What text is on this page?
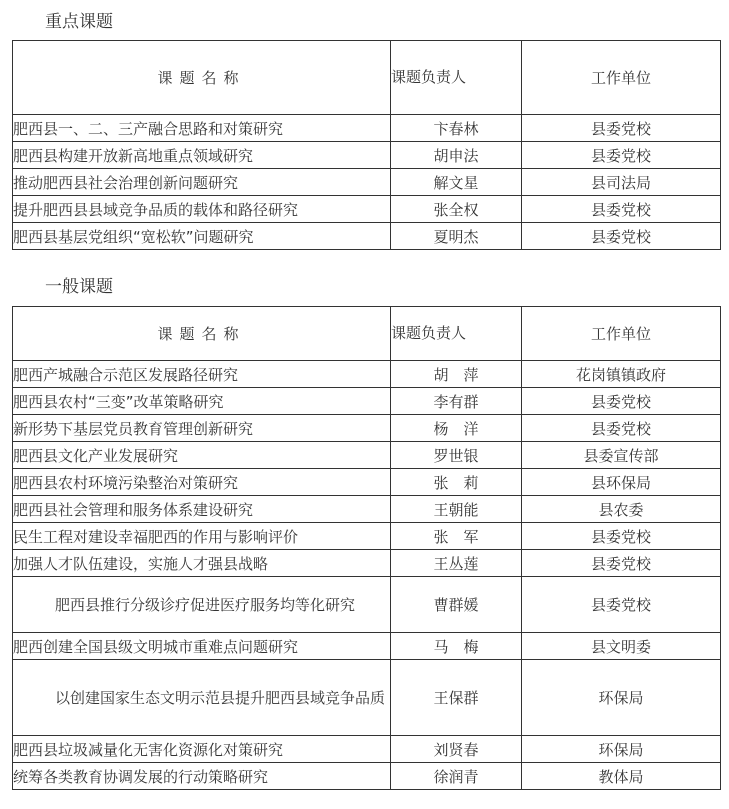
重点课题
课题名称	课题负责人	工作单位
肥西县一、二、三产融合思路和对策研究	卞春林	县委党校
肥西县构建开放新高地重点领域研究	胡申法	县委党校
推动肥西县社会治理创新问题研究	解文星	县司法局
提升肥西县县域竞争品质的载体和路径研究	张全权	县委党校
肥西县基层党组织“宽松软”问题研究	夏明杰	县委党校
一般课题
课题名称	课题负责人	工作单位
肥西产城融合示范区发展路径研究	胡　萍	花岗镇镇政府
肥西县农村“三变”改革策略研究	李有群	县委党校
新形势下基层党员教育管理创新研究	杨　洋	县委党校
肥西县文化产业发展研究	罗世银	县委宣传部
肥西县农村环境污染整治对策研究	张　莉	县环保局
肥西县社会管理和服务体系建设研究	王朝能	县农委
民生工程对建设幸福肥西的作用与影响评价	张　军	县委党校
加强人才队伍建设，实施人才强县战略	王丛莲	县委党校
肥西县推行分级诊疗促进医疗服务均等化研究	曹群媛	县委党校
肥西创建全国县级文明城市重难点问题研究	马　梅	县文明委
以创建国家生态文明示范县提升肥西县域竞争品质	王保群	环保局
肥西县垃圾减量化无害化资源化对策研究	刘贤春	环保局
统筹各类教育协调发展的行动策略研究	徐润青	教体局
